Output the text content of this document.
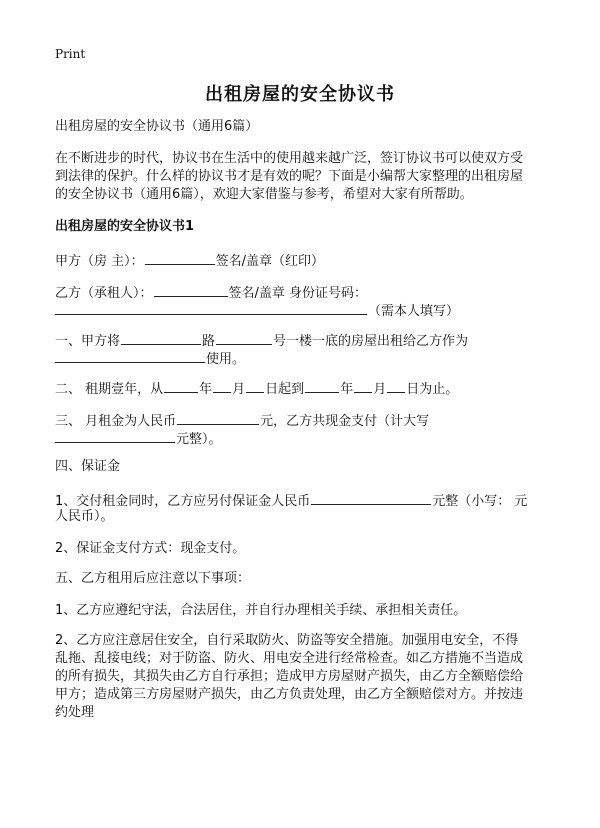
Print
出租房屋的安全协议书
出租房屋的安全协议书（通用6篇）
在不断进步的时代，协议书在生活中的使用越来越广泛，签订协议书可以使双方受
到法律的保护。什么样的协议书才是有效的呢？下面是小编帮大家整理的出租房屋
的安全协议书（通用6篇），欢迎大家借鉴与参考，希望对大家有所帮助。
出租房屋的安全协议书1
甲方（房 主）：	签名/盖章（红印）
乙方（承租人）：	签名/盖章 身份证号码：
（需本人填写）
一、甲方将	路	号一楼一底的房屋出租给乙方作为
使用。
二、 租期壹年，从	年 月 日起到	年 月 日为止。
三、 月租金为人民币	元，乙方共现金支付（计大写
元整）。
四、保证金
1、交付租金同时，乙方应另付保证金人民币	元整（小写： 元
人民币）。
2、保证金支付方式：现金支付。
五、乙方租用后应注意以下事项：
1、乙方应遵纪守法，合法居住，并自行办理相关手续、承担相关责任。
2、乙方应注意居住安全，自行采取防火、防盗等安全措施。加强用电安全，不得
乱拖、乱接电线；对于防盗、防火、用电安全进行经常检查。如乙方措施不当造成
的所有损失，其损失由乙方自行承担；造成甲方房屋财产损失，由乙方全额赔偿给
甲方；造成第三方房屋财产损失，由乙方负责处理，由乙方全额赔偿对方。并按违
约处理
